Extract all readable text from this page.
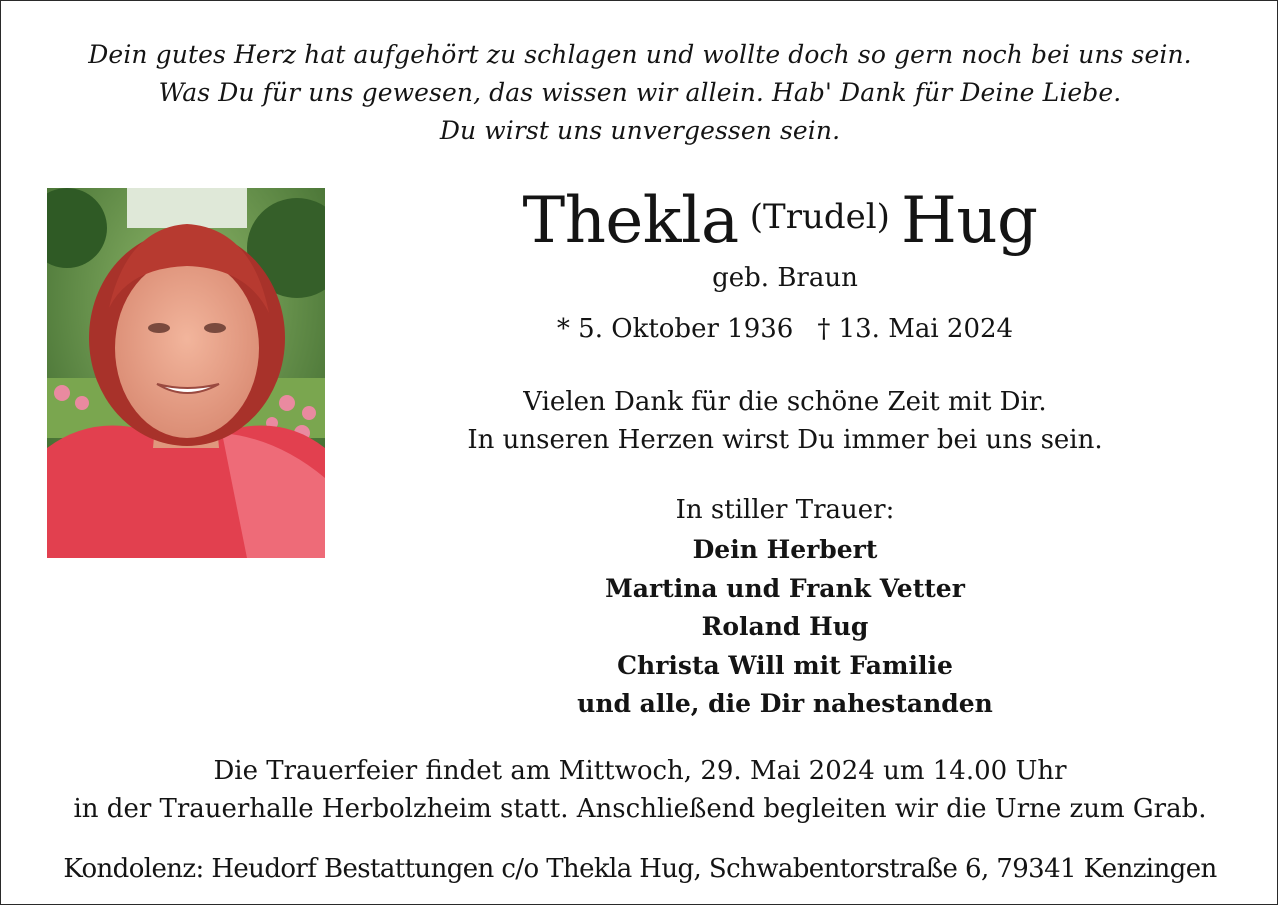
Dein gutes Herz hat aufgehört zu schlagen und wollte doch so gern noch bei uns sein.
Was Du für uns gewesen, das wissen wir allein. Hab' Dank für Deine Liebe.
Du wirst uns unvergessen sein.
Thekla (Trudel) Hug
geb. Braun
* 5. Oktober 1936 † 13. Mai 2024
Vielen Dank für die schöne Zeit mit Dir.
In unseren Herzen wirst Du immer bei uns sein.
In stiller Trauer:
Dein Herbert
Martina und Frank Vetter
Roland Hug
Christa Will mit Familie
und alle, die Dir nahestanden
Die Trauerfeier findet am Mittwoch, 29. Mai 2024 um 14.00 Uhr
in der Trauerhalle Herbolzheim statt. Anschließend begleiten wir die Urne zum Grab.
Kondolenz: Heudorf Bestattungen c/o Thekla Hug, Schwabentorstraße 6, 79341 Kenzingen
